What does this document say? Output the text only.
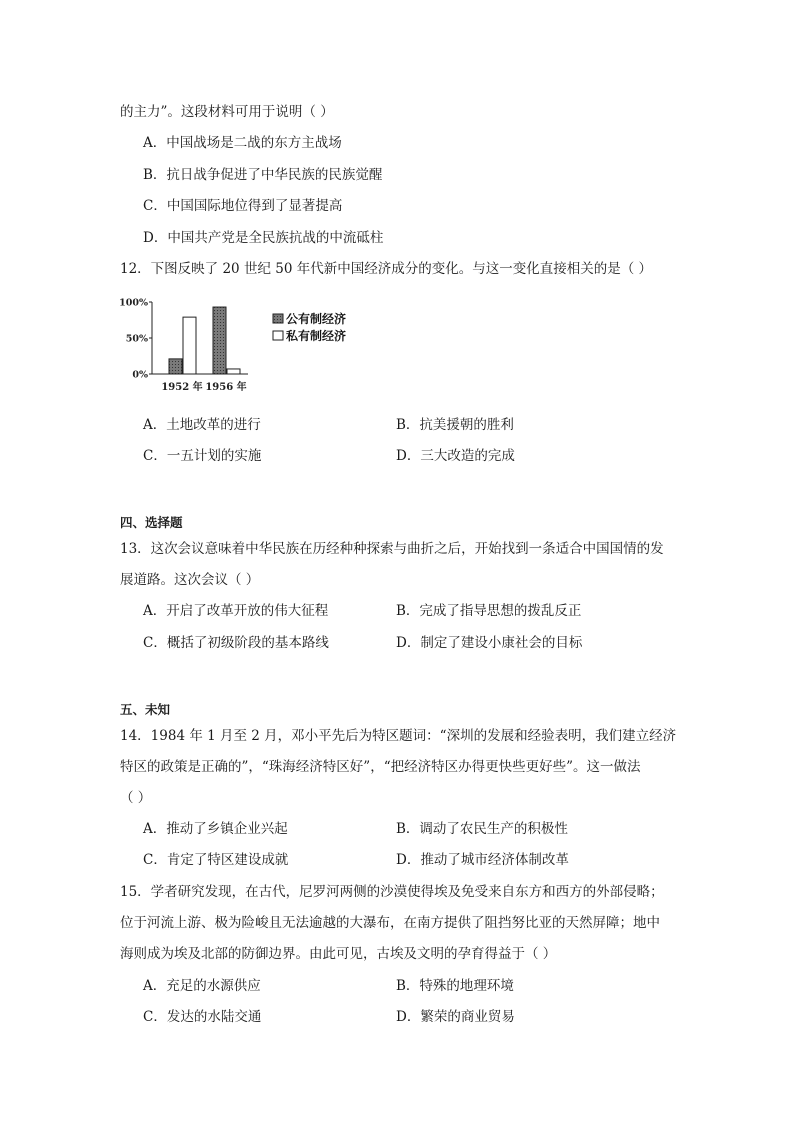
的主力”。这段材料可用于说明（ ）
A．中国战场是二战的东方主战场
B．抗日战争促进了中华民族的民族觉醒
C．中国国际地位得到了显著提高
D．中国共产党是全民族抗战的中流砥柱
12．下图反映了 20 世纪 50 年代新中国经济成分的变化。与这一变化直接相关的是（ ）
100%
50%
0%
1952 年 1956 年
公有制经济
私有制经济
A．土地改革的进行	B．抗美援朝的胜利
C．一五计划的实施	D．三大改造的完成
四、选择题
13．这次会议意味着中华民族在历经种种探索与曲折之后，开始找到一条适合中国国情的发
展道路。这次会议（ ）
A．开启了改革开放的伟大征程	B．完成了指导思想的拨乱反正
C．概括了初级阶段的基本路线	D．制定了建设小康社会的目标
五、未知
14．1984 年 1 月至 2 月，邓小平先后为特区题词：“深圳的发展和经验表明，我们建立经济
特区的政策是正确的”，“珠海经济特区好”，“把经济特区办得更快些更好些”。这一做法
（ ）
A．推动了乡镇企业兴起	B．调动了农民生产的积极性
C．肯定了特区建设成就	D．推动了城市经济体制改革
15．学者研究发现，在古代，尼罗河两侧的沙漠使得埃及免受来自东方和西方的外部侵略；
位于河流上游、极为险峻且无法逾越的大瀑布，在南方提供了阻挡努比亚的天然屏障；地中
海则成为埃及北部的防御边界。由此可见，古埃及文明的孕育得益于（ ）
A．充足的水源供应	B．特殊的地理环境
C．发达的水陆交通	D．繁荣的商业贸易
